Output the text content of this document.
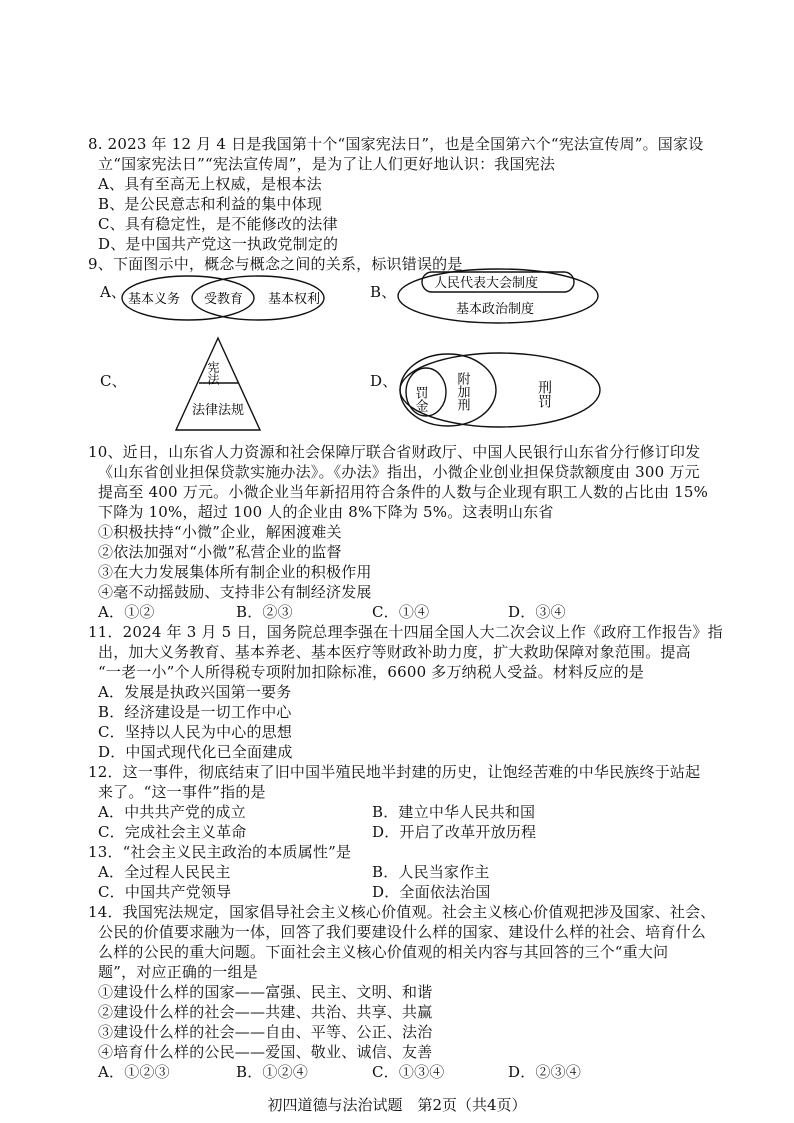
8. 2023 年 12 月 4 日是我国第十个“国家宪法日”，也是全国第六个“宪法宣传周”。国家设
立“国家宪法日”“宪法宣传周”，是为了让人们更好地认识：我国宪法
A、具有至高无上权威，是根本法
B、是公民意志和利益的集中体现
C、具有稳定性，是不能修改的法律
D、是中国共产党这一执政党制定的
9、下面图示中，概念与概念之间的关系，标识错误的是
A、 基本义务 受教育 基本权利	B、	人民代表大会制度
基本政治制度
C、	宪法
法律法规
D、
罚金 附加刑	刑罚
10、近日，山东省人力资源和社会保障厅联合省财政厅、中国人民银行山东省分行修订印发
《山东省创业担保贷款实施办法》。《办法》指出，小微企业创业担保贷款额度由 300 万元
提高至 400 万元。小微企业当年新招用符合条件的人数与企业现有职工人数的占比由 15%
下降为 10%，超过 100 人的企业由 8%下降为 5%。这表明山东省
①积极扶持“小微”企业，解困渡难关
②依法加强对“小微”私营企业的监督
③在大力发展集体所有制企业的积极作用
④毫不动摇鼓励、支持非公有制经济发展
A．①②	B．②③	C．①④	D．③④
11．2024 年 3 月 5 日，国务院总理李强在十四届全国人大二次会议上作《政府工作报告》指
出，加大义务教育、基本养老、基本医疗等财政补助力度，扩大救助保障对象范围。提高
“一老一小”个人所得税专项附加扣除标准，6600 多万纳税人受益。材料反应的是
A．发展是执政兴国第一要务
B．经济建设是一切工作中心
C．坚持以人民为中心的思想
D．中国式现代化已全面建成
12．这一事件，彻底结束了旧中国半殖民地半封建的历史，让饱经苦难的中华民族终于站起
来了。“这一事件”指的是
A．中共共产党的成立	B．建立中华人民共和国
C．完成社会主义革命	D．开启了改革开放历程
13．“社会主义民主政治的本质属性”是
A．全过程人民民主	B．人民当家作主
C．中国共产党领导	D．全面依法治国
14．我国宪法规定，国家倡导社会主义核心价值观。社会主义核心价值观把涉及国家、社会、
公民的价值要求融为一体，回答了我们要建设什么样的国家、建设什么样的社会、培育什么
么样的公民的重大问题。下面社会主义核心价值观的相关内容与其回答的三个“重大问
题”，对应正确的一组是
①建设什么样的国家——富强、民主、文明、和谐
②建设什么样的社会——共建、共治、共享、共赢
③建设什么样的社会——自由、平等、公正、法治
④培育什么样的公民——爱国、敬业、诚信、友善
A．①②③	B．①②④	C．①③④	D．②③④
初四道德与法治试题　第2页（共4页）
